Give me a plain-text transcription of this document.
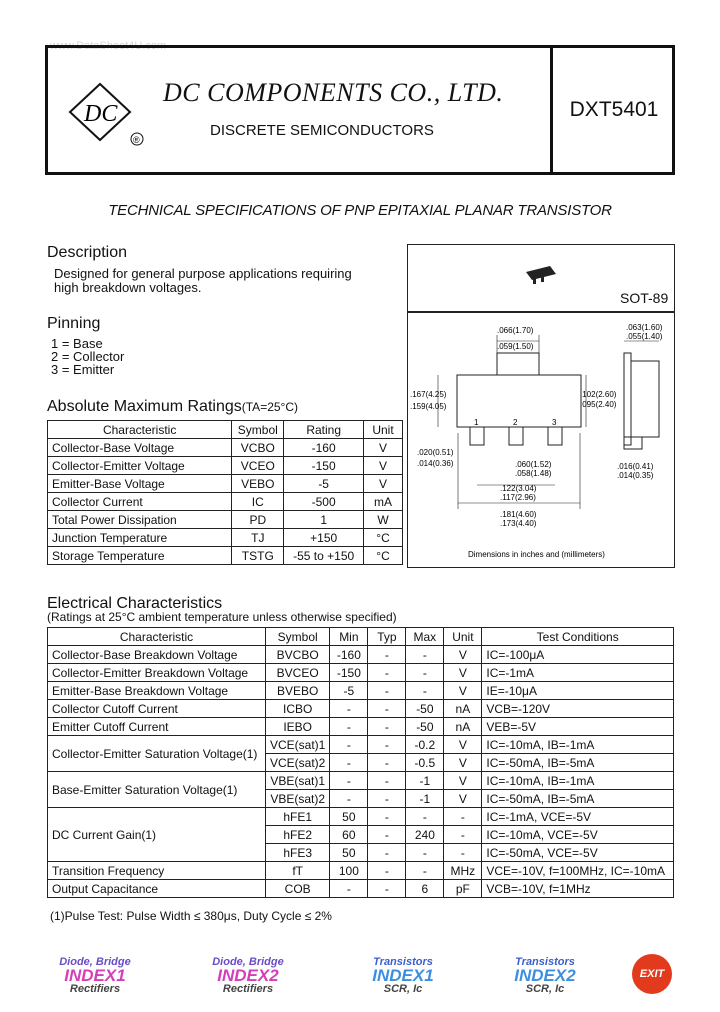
www.DataSheet4U.com
DC
®
DC COMPONENTS CO., LTD.
DISCRETE SEMICONDUCTORS
DXT5401
TECHNICAL SPECIFICATIONS OF PNP EPITAXIAL PLANAR TRANSISTOR
Description
Designed for general purpose applications requiring
high breakdown voltages.
Pinning
1 = Base
2 = Collector
3 = Emitter
SOT-89
.066(1.70)
.059(1.50)
.063(1.60)
.055(1.40)
.167(4.25)
.159(4.05)
.102(2.60)
.095(2.40)
.020(0.51)
.014(0.36)	.060(1.52)
.058(1.48)
.016(0.41)
.014(0.35)
.122(3.04)
.117(2.96)
.181(4.60)
.173(4.40)
1	2	3
Dimensions in inches and (millimeters)
Absolute Maximum Ratings(TA=25°C)
Characteristic	Symbol	Rating	Unit
Collector-Base Voltage	VCBO	-160	V
Collector-Emitter Voltage	VCEO	-150	V
Emitter-Base Voltage	VEBO	-5	V
Collector Current	IC	-500	mA
Total Power Dissipation	PD	1	W
Junction Temperature	TJ	+150	°C
Storage Temperature	TSTG	-55 to +150	°C
Electrical Characteristics
(Ratings at 25°C ambient temperature unless otherwise specified)
Characteristic	Symbol	Min	Typ	Max	Unit	Test Conditions
Collector-Base Breakdown Voltage	BVCBO	-160	-	-	V	IC=-100μA
Collector-Emitter Breakdown Voltage	BVCEO	-150	-	-	V	IC=-1mA
Emitter-Base Breakdown Voltage	BVEBO	-5	-	-	V	IE=-10μA
Collector Cutoff Current	ICBO	-	-	-50	nA	VCB=-120V
Emitter Cutoff Current	IEBO	-	-	-50	nA	VEB=-5V
Collector-Emitter Saturation Voltage(1)	VCE(sat)1	-	-	-0.2	V	IC=-10mA, IB=-1mA
	VCE(sat)2	-	-	-0.5	V	IC=-50mA, IB=-5mA
Base-Emitter Saturation Voltage(1)	VBE(sat)1	-	-	-1	V	IC=-10mA, IB=-1mA
	VBE(sat)2	-	-	-1	V	IC=-50mA, IB=-5mA
DC Current Gain(1)	hFE1	50	-	-	-	IC=-1mA, VCE=-5V
	hFE2	60	-	240	-	IC=-10mA, VCE=-5V
	hFE3	50	-	-	-	IC=-50mA, VCE=-5V
Transition Frequency	fT	100	-	-	MHz	VCE=-10V, f=100MHz, IC=-10mA
Output Capacitance	COB	-	-	6	pF	VCB=-10V, f=1MHz
(1)Pulse Test: Pulse Width ≤ 380μs, Duty Cycle ≤ 2%
Diode, Bridge
INDEX1
Rectifiers
Diode, Bridge
INDEX2
Rectifiers
Transistors
INDEX1
SCR, Ic
Transistors
INDEX2
SCR, Ic
EXIT
